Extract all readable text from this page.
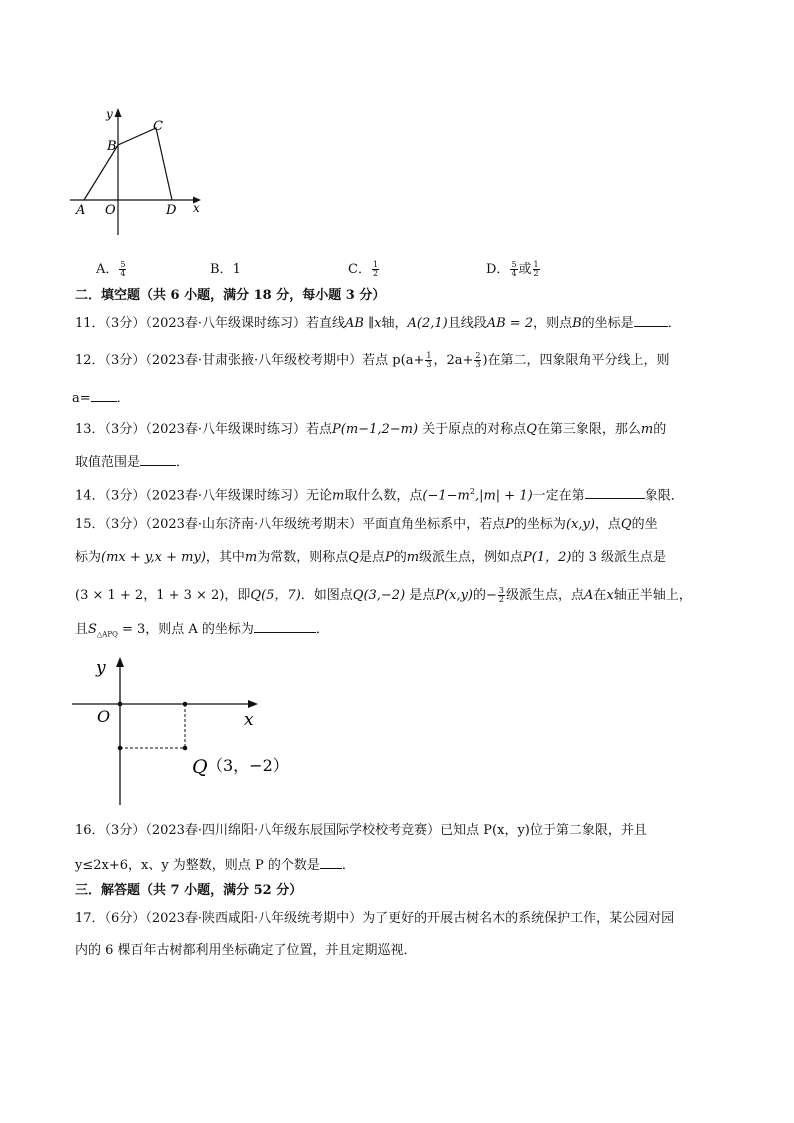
y
x
A O	D
B
C
A． $\frac{5}{4}$	B．1	C． $\frac{1}{2}$	D． $\frac{5}{4}$ 或 $\frac{1}{2}$
二．填空题（共 6 小题，满分 18 分，每小题 3 分）
11．（3分）（2023春·八年级课时练习）若直线AB ∥x轴，A(2,1)且线段AB = 2，则点B的坐标是	．
12．（3分）（2023春·甘肃张掖·八年级校考期中）若点 $p(a+ \frac{1}{3}$ ，$2a+ \frac{2}{3}$ )在第二，四象限角平分线上，则
a= ．
13．（3分）（2023春·八年级课时练习）若点P(m−1,2−m) 关于原点的对称点Q在第三象限，那么m的
取值范围是	．
14．（3分）（2023春·八年级课时练习）无论m取什么数，点$(-1-m^2,|m| + 1)$一定在第	象限．
15．（3分）（2023春·山东济南·八年级统考期末）平面直角坐标系中，若点P的坐标为(x,y)，点Q的坐
标为(mx + y,x + my)，其中m为常数，则称点Q是点P的m级派生点，例如点P(1，2)的 3 级派生点是
(3 × 1 + 2，1 + 3 × 2)，即Q(5，7)．如图点Q(3,−2) 是点P(x,y)的− $\frac{3}{2}$ 级派生点，点A在x轴正半轴上，
且$S_{\triangle APQ} = 3$，则点 A 的坐标为	．
y
O	x
Q （3，−2）
16．（3分）（2023春·四川绵阳·八年级东辰国际学校校考竞赛）已知点 P(x，y)位于第二象限，并且
y≤2x+6，x、y 为整数，则点 P 的个数是 ．
三．解答题（共 7 小题，满分 52 分）
17．（6分）（2023春·陕西咸阳·八年级统考期中）为了更好的开展古树名木的系统保护工作，某公园对园
内的 6 棵百年古树都利用坐标确定了位置，并且定期巡视．
